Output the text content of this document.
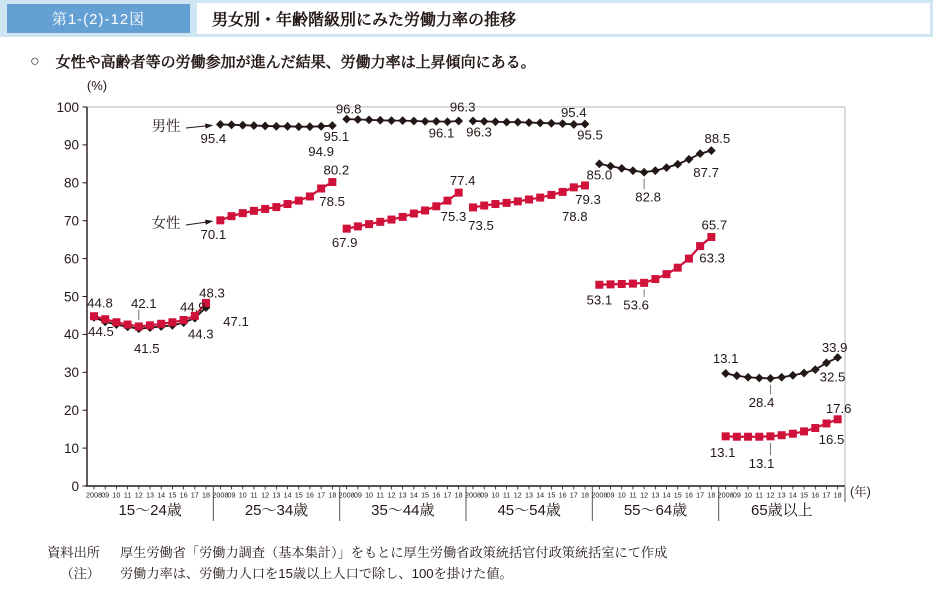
第1-(2)-12図	男女別・年齢階級別にみた労働力率の推移
○ 女性や高齢者等の労働参加が進んだ結果、労働力率は上昇傾向にある。
0
10
20
30
40
50
60
70
80
90
100
(%)
(年)
2008 09 10 11 12 13 14 15 16 17 18
15～24歳
44.8
44.5
42.1
41.5
44.9
44.3
48.3
47.1
2008 09 10 11 12 13 14 15 16 17 18
25～34歳
95.4
70.1
94.9
95.1
78.5
80.2
2008 09 10 11 12 13 14 15 16 17 18
35～44歳
96.8
67.9
96.1
96.3
75.3
77.4
2008 09 10 11 12 13 14 15 16 17 18
45～54歳
96.3
73.5
95.4
95.5
78.8
79.3
2008 09 10 11 12 13 14 15 16 17 18
55～64歳
85.0
82.8
87.7
88.5
53.1 53.6
63.3
65.7
2008 09 10 11 12 13 14 15 16 17 18
65歳以上
13.1
28.4
32.5
33.9
13.1
13.1
16.5
17.6
男性
女性
資料出所 厚生労働省「労働力調査（基本集計）」をもとに厚生労働省政策統括官付政策統括室にて作成
（注） 労働力率は、労働力人口を15歳以上人口で除し、100を掛けた値。
